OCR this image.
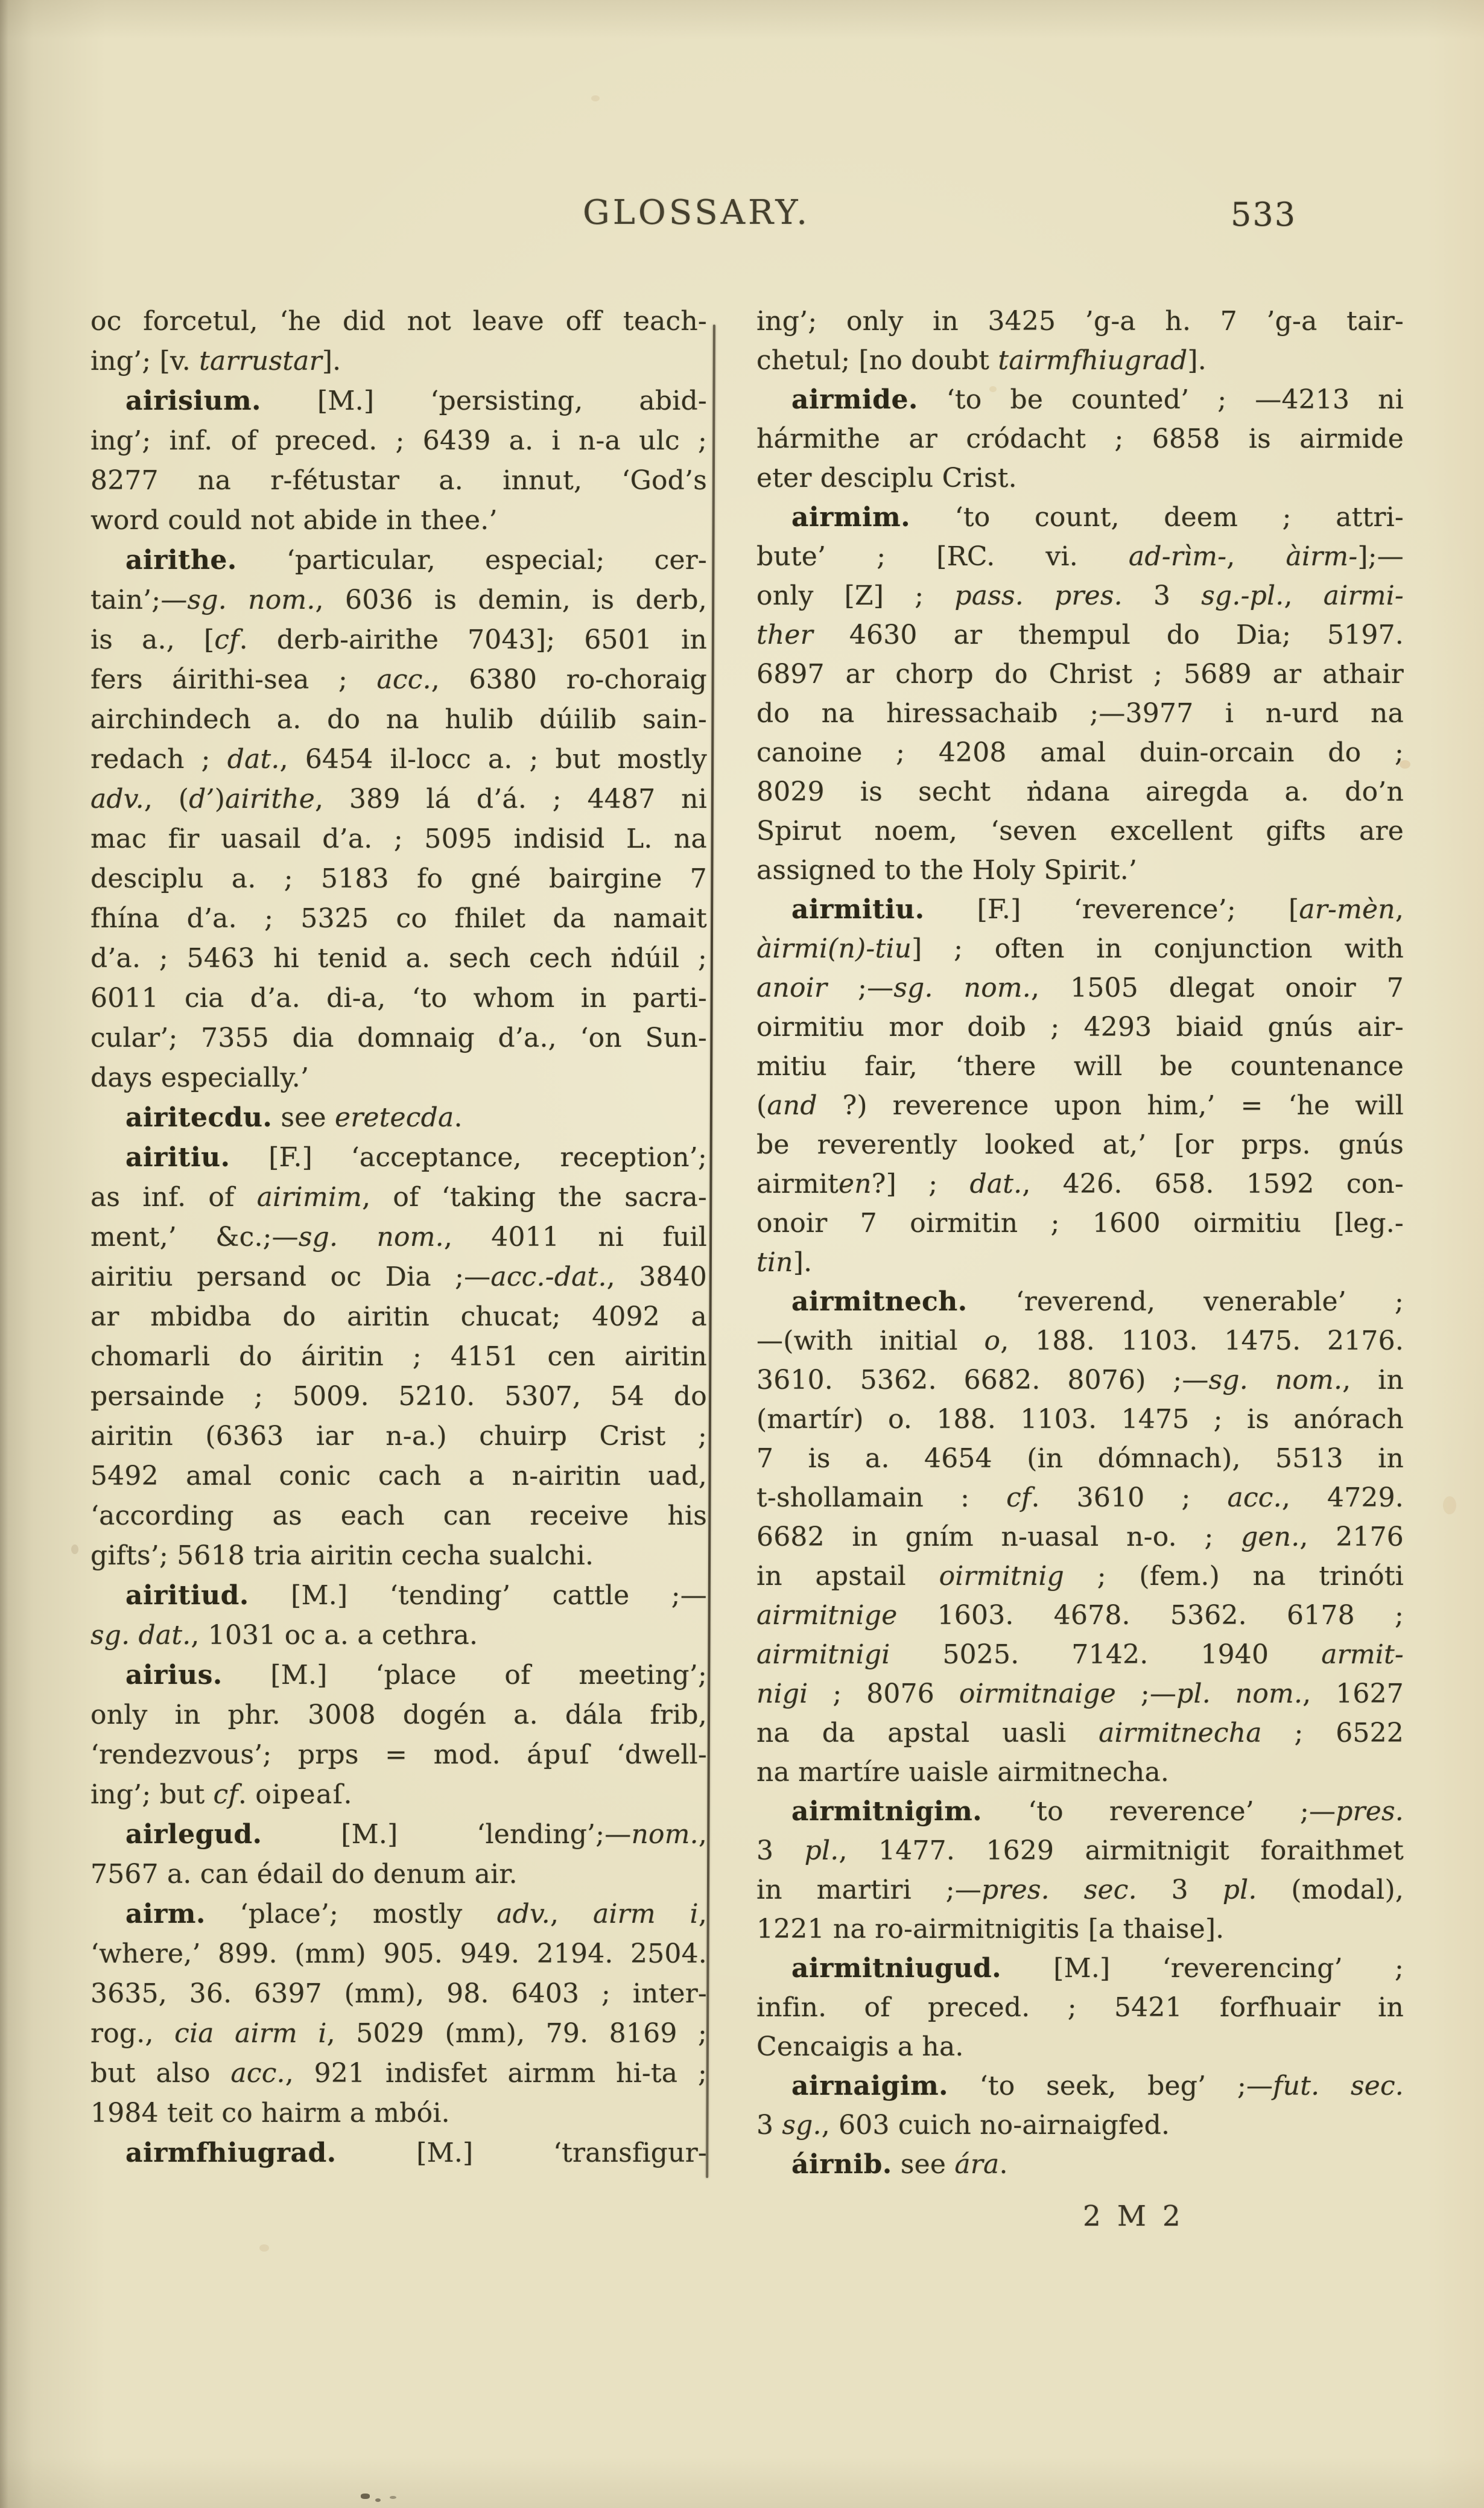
GLOSSARY.	533
oc forcetul, ‘he did not leave off teach-
ing’; [v. tarrustar].
airisium. [M.] ‘persisting, abid-
ing’; inf. of preced. ; 6439 a. i n-a ulc ;
8277 na r-fétustar a. innut, ‘God’s
word could not abide in thee.’
airithe. ‘particular, especial; cer-
tain’;—sg. nom., 6036 is demin, is derb,
is a., [cf. derb-airithe 7043]; 6501 in
fers áirithi-sea ; acc., 6380 ro-choraig
airchindech a. do na hulib dúilib sain-
redach ; dat., 6454 il-locc a. ; but mostly
adv., (d’)airithe, 389 lá d’á. ; 4487 ni
mac fir uasail d’a. ; 5095 indisid L. na
desciplu a. ; 5183 fo gné bairgine 7
fhína d’a. ; 5325 co fhilet da namait
d’a. ; 5463 hi tenid a. sech cech ṅdúil ;
6011 cia d’a. di-a, ‘to whom in parti-
cular’; 7355 dia domnaig d’a., ‘on Sun-
days especially.’
airitecdu. see eretecda.
airitiu. [F.] ‘acceptance, reception’;
as inf. of airimim, of ‘taking the sacra-
ment,’ &c.;—sg. nom., 4011 ni fuil
airitiu persand oc Dia ;—acc.-dat., 3840
ar mbidba do airitin chucat; 4092 a
chomarli do áiritin ; 4151 cen airitin
persainde ; 5009. 5210. 5307, 54 do
airitin (6363 iar n-a.) chuirp Crist ;
5492 amal conic cach a n-airitin uad,
‘according as each can receive his
gifts’; 5618 tria airitin cecha sualchi.
airitiud. [M.] ‘tending’ cattle ;—
sg. dat., 1031 oc a. a cethra.
airius. [M.] ‘place of meeting’;
only in phr. 3008 dogén a. dála frib,
‘rendezvous’; prps = mod. ápuſ ‘dwell-
ing’; but cf. oipeaſ.
airlegud. [M.] ‘lending’;—nom.,
7567 a. can édail do denum air.
airm. ‘place’; mostly adv., airm i,
‘where,’ 899. (mm) 905. 949. 2194. 2504.
3635, 36. 6397 (mm), 98. 6403 ; inter-
rog., cia airm i, 5029 (mm), 79. 8169 ;
but also acc., 921 indisfet airmm hi-ta ;
1984 teit co hairm a mbói.
airmfhiugrad. [M.] ‘transfigur-
ing’; only in 3425 ’g-a h. 7 ’g-a tair-
chetul; [no doubt tairmfhiugrad].
airmide. ‘to be counted’ ; —4213 ni
hármithe ar cródacht ; 6858 is airmide
eter desciplu Crist.
airmim. ‘to count, deem ; attri-
bute’ ; [RC. vi. ad-rìm-, àirm-];—
only [Z] ; pass. pres. 3 sg.-pl., airmi-
ther 4630 ar thempul do Dia; 5197.
6897 ar chorp do Christ ; 5689 ar athair
do na hiressachaib ;—3977 i n-urd na
canoine ; 4208 amal duin-orcain do ;
8029 is secht ṅdana airegda a. do’n
Spirut noem, ‘seven excellent gifts are
assigned to the Holy Spirit.’
airmitiu. [F.] ‘reverence’; [ar-mèn,
àirmi(n)-tiu] ; often in conjunction with
anoir ;—sg. nom., 1505 dlegat onoir 7
oirmitiu mor doib ; 4293 biaid gnús air-
mitiu fair, ‘there will be countenance
(and ?) reverence upon him,’ = ‘he will
be reverently looked at,’ [or prps. gnús
airmiten?] ; dat., 426. 658. 1592 con-
onoir 7 oirmitin ; 1600 oirmitiu [leg.-
tin].
airmitnech. ‘reverend, venerable’ ;
—(with initial o, 188. 1103. 1475. 2176.
3610. 5362. 6682. 8076) ;—sg. nom., in
(martír) o. 188. 1103. 1475 ; is anórach
7 is a. 4654 (in dómnach), 5513 in
t-shollamain : cf. 3610 ; acc., 4729.
6682 in gním n-uasal n-o. ; gen., 2176
in apstail oirmitnig ; (fem.) na trinóti
airmitnige 1603. 4678. 5362. 6178 ;
airmitnigi 5025. 7142. 1940 armit-
nigi ; 8076 oirmitnaige ;—pl. nom., 1627
na da apstal uasli airmitnecha ; 6522
na martíre uaisle airmitnecha.
airmitnigim. ‘to reverence’ ;—pres.
3 pl., 1477. 1629 airmitnigit foraithmet
in martiri ;—pres. sec. 3 pl. (modal),
1221 na ro-airmitnigitis [a thaise].
airmitniugud. [M.] ‘reverencing’ ;
infin. of preced. ; 5421 forfhuair in
Cencaigis a ha.
airnaigim. ‘to seek, beg’ ;—fut. sec.
3 sg., 603 cuich no-airnaigfed.
áirnib. see ára.
2 M 2
